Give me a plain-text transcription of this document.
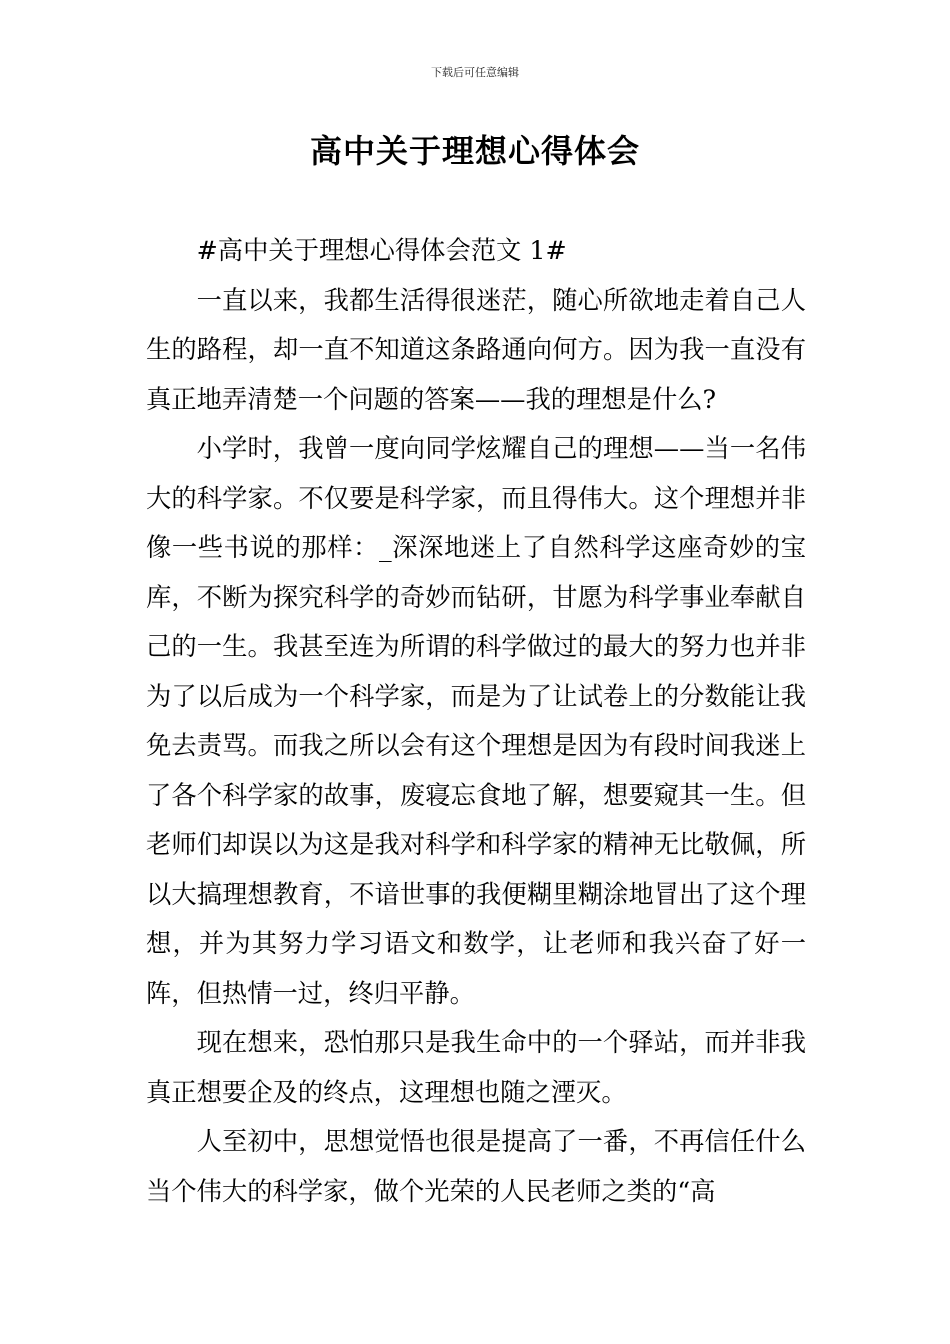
下载后可任意编辑
高中关于理想心得体会

#高中关于理想心得体会范文 1#

一直以来，我都生活得很迷茫，随心所欲地走着自己人生的路程，却一直不知道这条路通向何方。因为我一直没有真正地弄清楚一个问题的答案——我的理想是什么?

小学时，我曾一度向同学炫耀自己的理想——当一名伟大的科学家。不仅要是科学家，而且得伟大。这个理想并非像一些书说的那样：_深深地迷上了自然科学这座奇妙的宝库，不断为探究科学的奇妙而钻研，甘愿为科学事业奉献自己的一生。我甚至连为所谓的科学做过的最大的努力也并非为了以后成为一个科学家，而是为了让试卷上的分数能让我免去责骂。而我之所以会有这个理想是因为有段时间我迷上了各个科学家的故事，废寝忘食地了解，想要窥其一生。但老师们却误以为这是我对科学和科学家的精神无比敬佩，所以大搞理想教育，不谙世事的我便糊里糊涂地冒出了这个理想，并为其努力学习语文和数学，让老师和我兴奋了好一阵，但热情一过，终归平静。

现在想来，恐怕那只是我生命中的一个驿站，而并非我真正想要企及的终点，这理想也随之湮灭。

人至初中，思想觉悟也很是提高了一番，不再信任什么当个伟大的科学家，做个光荣的人民老师之类的“高
